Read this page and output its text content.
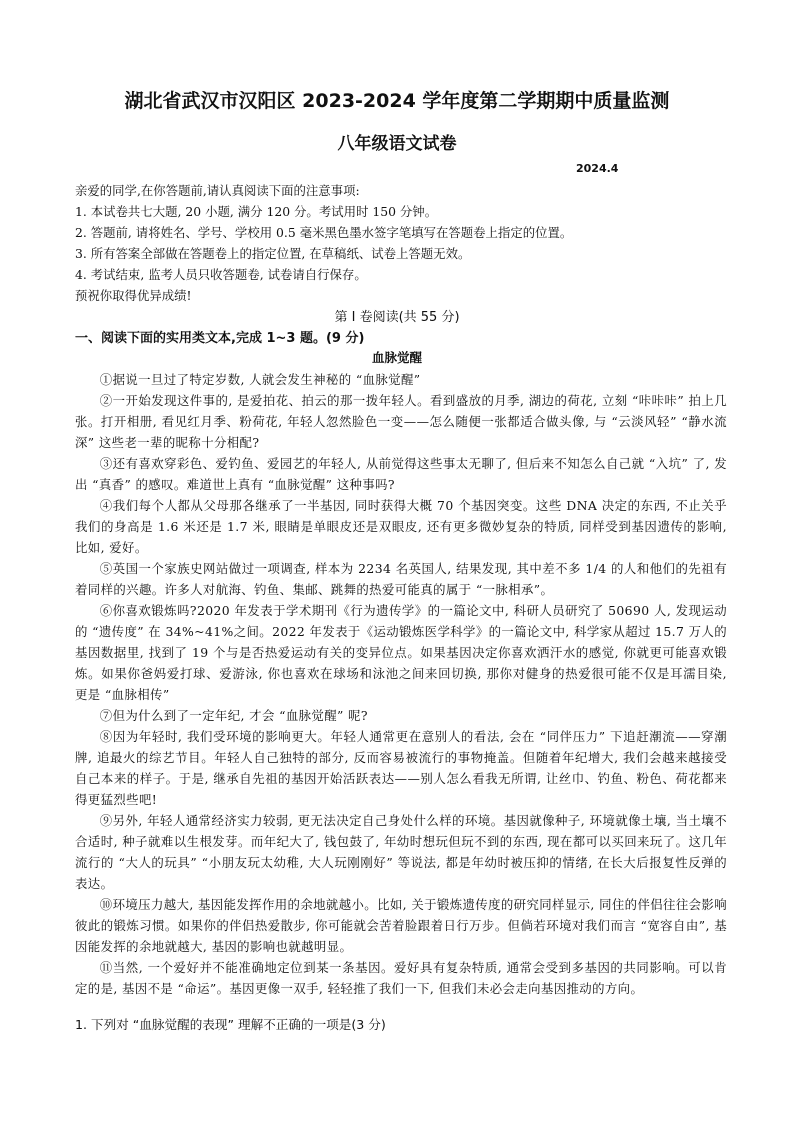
湖北省武汉市汉阳区 2023-2024 学年度第二学期期中质量监测
八年级语文试卷
2024.4
亲爱的同学,在你答题前,请认真阅读下面的注意事项:
1. 本试卷共七大题, 20 小题, 满分 120 分。考试用时 150 分钟。
2. 答题前, 请将姓名、学号、学校用 0.5 毫米黑色墨水签字笔填写在答题卷上指定的位置。
3. 所有答案全部做在答题卷上的指定位置, 在草稿纸、试卷上答题无效。
4. 考试结束, 监考人员只收答题卷, 试卷请自行保存。
预祝你取得优异成绩!
第 I 卷阅读(共 55 分)
一、阅读下面的实用类文本,完成 1~3 题。(9 分)
血脉觉醒

①据说一旦过了特定岁数, 人就会发生神秘的 “血脉觉醒”

②一开始发现这件事的, 是爱拍花、拍云的那一拨年轻人。看到盛放的月季, 湖边的荷花, 立刻 “咔咔咔” 拍上几张。打开相册, 看见红月季、粉荷花, 年轻人忽然脸色一变——怎么随便一张都适合做头像, 与 “云淡风轻” “静水流深” 这些老一辈的昵称十分相配?

③还有喜欢穿彩色、爱钓鱼、爱园艺的年轻人, 从前觉得这些事太无聊了, 但后来不知怎么自己就 “入坑” 了, 发出 “真香” 的感叹。难道世上真有 “血脉觉醒” 这种事吗?

④我们每个人都从父母那各继承了一半基因, 同时获得大概 70 个基因突变。这些 DNA 决定的东西, 不止关乎我们的身高是 1.6 米还是 1.7 米, 眼睛是单眼皮还是双眼皮, 还有更多微妙复杂的特质, 同样受到基因遗传的影响, 比如, 爱好。

⑤英国一个家族史网站做过一项调查, 样本为 2234 名英国人, 结果发现, 其中差不多 1/4 的人和他们的先祖有着同样的兴趣。许多人对航海、钓鱼、集邮、跳舞的热爱可能真的属于 “一脉相承”。

⑥你喜欢锻炼吗?2020 年发表于学术期刊《行为遗传学》的一篇论文中, 科研人员研究了 50690 人, 发现运动的 “遗传度” 在 34%~41%之间。2022 年发表于《运动锻炼医学科学》的一篇论文中, 科学家从超过 15.7 万人的基因数据里, 找到了 19 个与是否热爱运动有关的变异位点。如果基因决定你喜欢洒汗水的感觉, 你就更可能喜欢锻炼。如果你爸妈爱打球、爱游泳, 你也喜欢在球场和泳池之间来回切换, 那你对健身的热爱很可能不仅是耳濡目染, 更是 “血脉相传”

⑦但为什么到了一定年纪, 才会 “血脉觉醒” 呢?

⑧因为年轻时, 我们受环境的影响更大。年轻人通常更在意别人的看法, 会在 “同伴压力” 下追赶潮流——穿潮牌, 追最火的综艺节目。年轻人自己独特的部分, 反而容易被流行的事物掩盖。但随着年纪增大, 我们会越来越接受自己本来的样子。于是, 继承自先祖的基因开始活跃表达——别人怎么看我无所谓, 让丝巾、钓鱼、粉色、荷花都来得更猛烈些吧!

⑨另外, 年轻人通常经济实力较弱, 更无法决定自己身处什么样的环境。基因就像种子, 环境就像土壤, 当土壤不合适时, 种子就难以生根发芽。而年纪大了, 钱包鼓了, 年幼时想玩但玩不到的东西, 现在都可以买回来玩了。这几年流行的 “大人的玩具” “小朋友玩太幼稚, 大人玩刚刚好” 等说法, 都是年幼时被压抑的情绪, 在长大后报复性反弹的表达。

⑩环境压力越大, 基因能发挥作用的余地就越小。比如, 关于锻炼遗传度的研究同样显示, 同住的伴侣往往会影响彼此的锻炼习惯。如果你的伴侣热爱散步, 你可能就会苦着脸跟着日行万步。但倘若环境对我们而言 “宽容自由”, 基因能发挥的余地就越大, 基因的影响也就越明显。

⑪当然, 一个爱好并不能准确地定位到某一条基因。爱好具有复杂特质, 通常会受到多基因的共同影响。可以肯定的是, 基因不是 “命运”。基因更像一双手, 轻轻推了我们一下, 但我们未必会走向基因推动的方向。

1. 下列对 “血脉觉醒的表现” 理解不正确的一项是(3 分)
